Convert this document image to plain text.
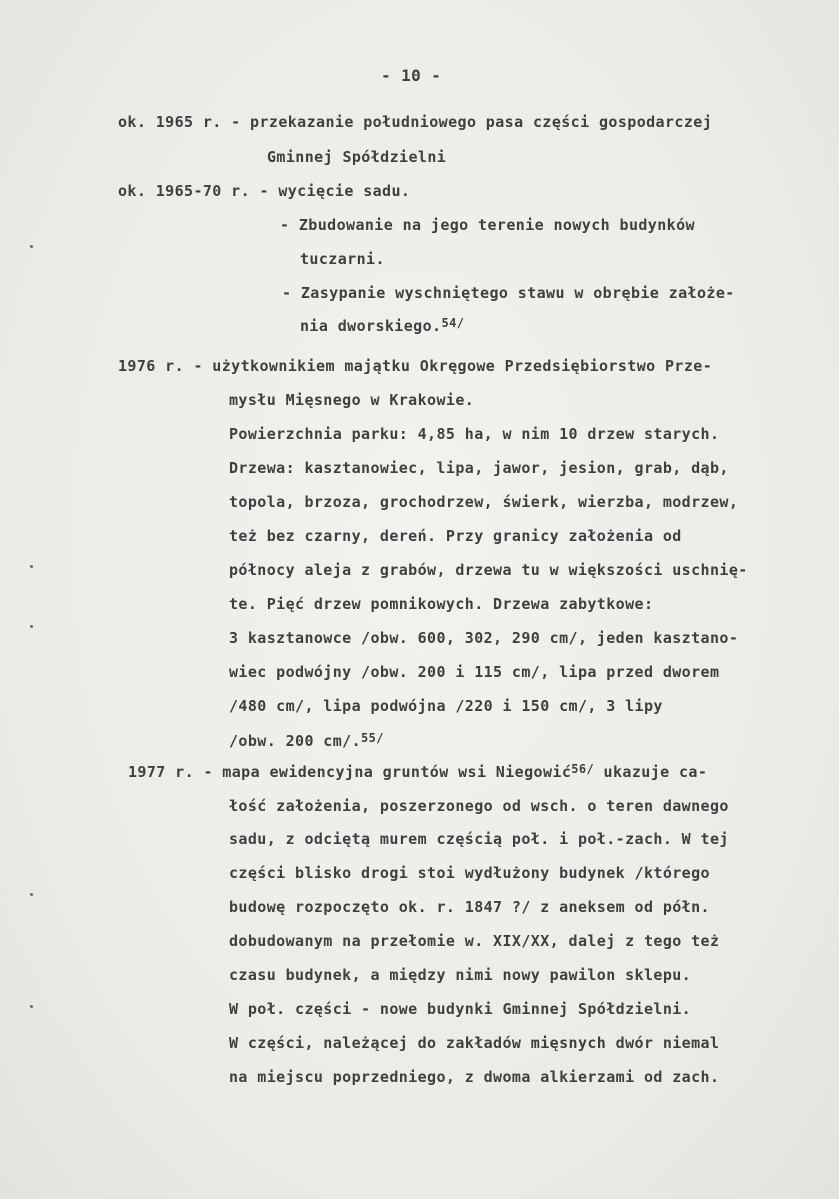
- 10 -
ok. 1965 r. - przekazanie południowego pasa części gospodarczej
Gminnej Spółdzielni
ok. 1965-70 r. - wycięcie sadu.
- Zbudowanie na jego terenie nowych budynków
tuczarni.
- Zasypanie wyschniętego stawu w obrębie założe-
nia dworskiego.$^{54/}$
1976 r. - użytkownikiem majątku Okręgowe Przedsiębiorstwo Prze-
mysłu Mięsnego w Krakowie.
Powierzchnia parku: 4,85 ha, w nim 10 drzew starych.
Drzewa: kasztanowiec, lipa, jawor, jesion, grab, dąb,
topola, brzoza, grochodrzew, świerk, wierzba, modrzew,
też bez czarny, dereń. Przy granicy założenia od
północy aleja z grabów, drzewa tu w większości uschnię-
te. Pięć drzew pomnikowych. Drzewa zabytkowe:
3 kasztanowce /obw. 600, 302, 290 cm/, jeden kasztano-
wiec podwójny /obw. 200 i 115 cm/, lipa przed dworem
/480 cm/, lipa podwójna /220 i 150 cm/, 3 lipy
/obw. 200 cm/.$^{55/}$
1977 r. - mapa ewidencyjna gruntów wsi Niegowić$^{56/}$ ukazuje ca-
łość założenia, poszerzonego od wsch. o teren dawnego
sadu, z odciętą murem częścią poł. i poł.-zach. W tej
części blisko drogi stoi wydłużony budynek /którego
budowę rozpoczęto ok. r. 1847 ?/ z aneksem od półn.
dobudowanym na przełomie w. XIX/XX, dalej z tego też
czasu budynek, a między nimi nowy pawilon sklepu.
W poł. części - nowe budynki Gminnej Spółdzielni.
W części, należącej do zakładów mięsnych dwór niemal
na miejscu poprzedniego, z dwoma alkierzami od zach.
